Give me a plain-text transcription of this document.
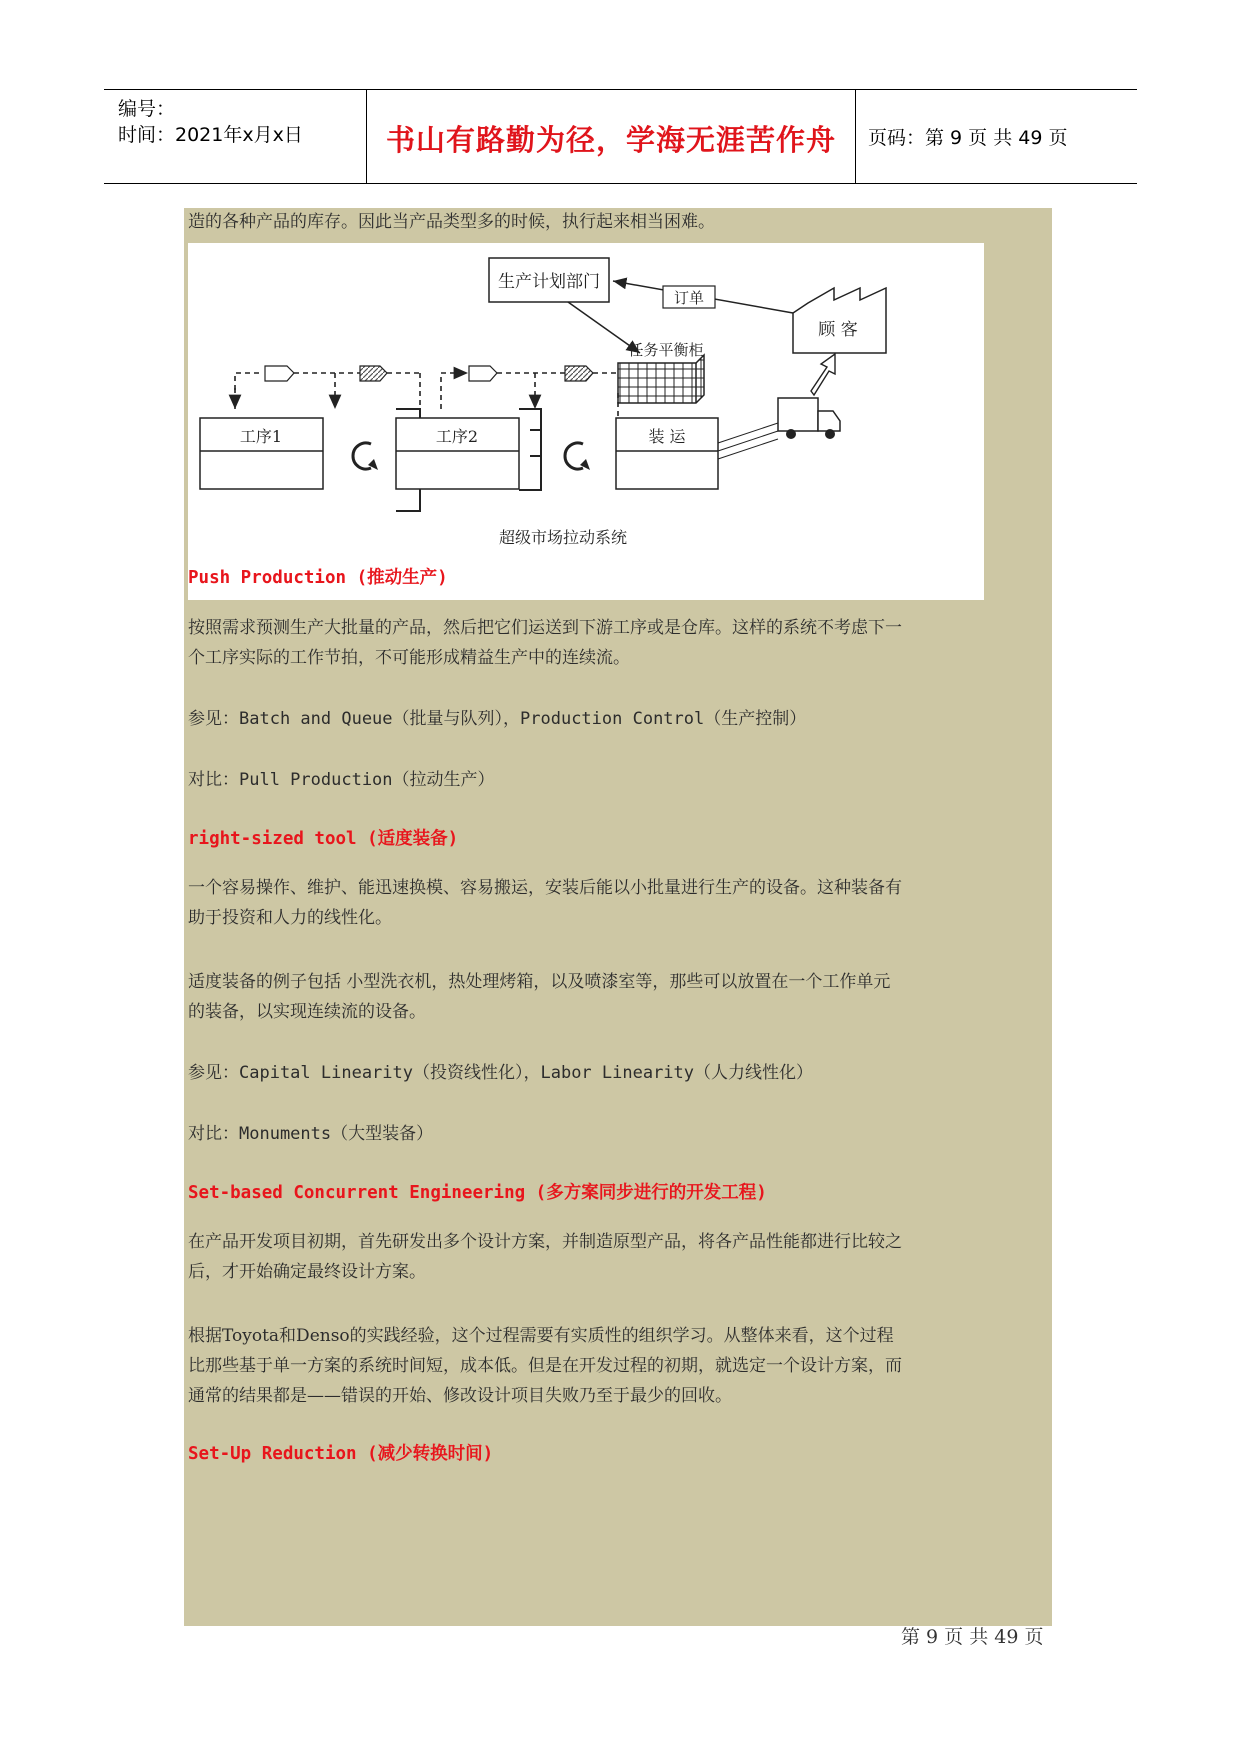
编号：
时间：2021年x月x日	书山有路勤为径，学海无涯苦作舟	页码：第 9 页 共 49 页
造的各种产品的库存。因此当产品类型多的时候，执行起来相当困难。
生产计划部门
顾 客
订单
任务平衡柜
工序1	工序2	装 运
超级市场拉动系统
Push Production (推动生产)
按照需求预测生产大批量的产品，然后把它们运送到下游工序或是仓库。这样的系统不考虑下一
个工序实际的工作节拍，不可能形成精益生产中的连续流。
参见：Batch and Queue（批量与队列），Production Control（生产控制）
对比：Pull Production（拉动生产）
right-sized tool (适度装备)
一个容易操作、维护、能迅速换模、容易搬运，安装后能以小批量进行生产的设备。这种装备有
助于投资和人力的线性化。
适度装备的例子包括 小型洗衣机，热处理烤箱，以及喷漆室等，那些可以放置在一个工作单元
的装备，以实现连续流的设备。
参见：Capital Linearity（投资线性化），Labor Linearity（人力线性化）
对比：Monuments（大型装备）
Set-based Concurrent Engineering (多方案同步进行的开发工程)
在产品开发项目初期，首先研发出多个设计方案，并制造原型产品，将各产品性能都进行比较之
后，才开始确定最终设计方案。
根据Toyota和Denso的实践经验，这个过程需要有实质性的组织学习。从整体来看，这个过程
比那些基于单一方案的系统时间短，成本低。但是在开发过程的初期，就选定一个设计方案，而
通常的结果都是——错误的开始、修改设计项目失败乃至于最少的回收。
Set-Up Reduction (减少转换时间)
第 9 页 共 49 页
